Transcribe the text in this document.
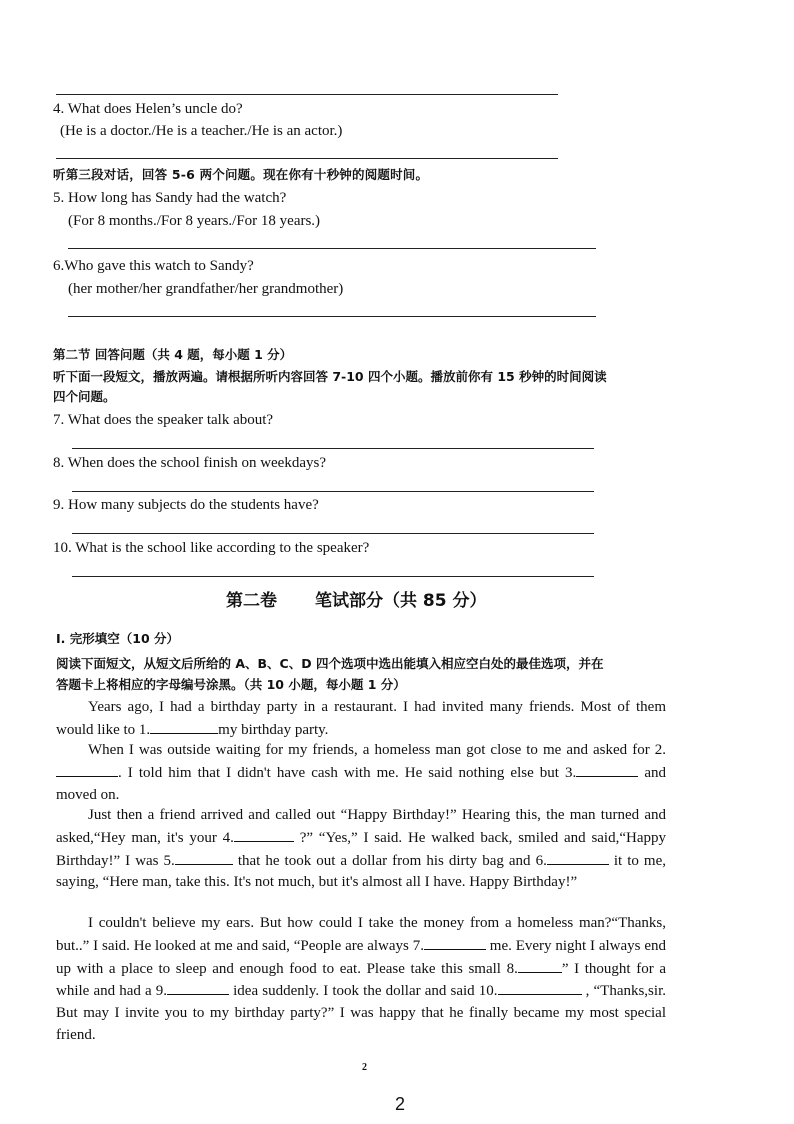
4. What does Helen’s uncle do?
(He is a doctor./He is a teacher./He is an actor.)
听第三段对话，回答 5-6 两个问题。现在你有十秒钟的阅题时间。
5. How long has Sandy had the watch?
(For 8 months./For 8 years./For 18 years.)
6.Who gave this watch to Sandy?
(her mother/her grandfather/her grandmother)
第二节 回答问题（共 4 题，每小题 1 分）
听下面一段短文，播放两遍。请根据所听内容回答 7-10 四个小题。播放前你有 15 秒钟的时间阅读
四个问题。
7. What does the speaker talk about?
8. When does the school finish on weekdays?
9. How many subjects do the students have?
10. What is the school like according to the speaker?
第二卷 笔试部分（共 85 分）
I. 完形填空（10 分）
阅读下面短文，从短文后所给的 A、B、C、D 四个选项中选出能填入相应空白处的最佳选项，并在
答题卡上将相应的字母编号涂黑。（共 10 小题，每小题 1 分）
Years ago, I had a birthday party in a restaurant. I had invited many friends. Most of them would like to 1.	my birthday party.
When I was outside waiting for my friends, a homeless man got close to me and asked for 2.. I told him that I didn't have cash with me. He said nothing else but 3.	and moved on.
Just then a friend arrived and called out “Happy Birthday!” Hearing this, the man turned and asked,“Hey man, it's your 4.	?” “Yes,” I said. He walked back, smiled and said,“Happy Birthday!” I was 5.	that he took out a dollar from his dirty bag and 6.	it to me, saying, “Here man, take this. It's not much, but it's almost all I have. Happy Birthday!”
I couldn't believe my ears. But how could I take the money from a homeless man?“Thanks, but..” I said. He looked at me and said, “People are always 7.	me. Every night I always end up with a place to sleep and enough food to eat. Please take this small 8.	” I thought for a while and had a 9.	idea suddenly. I took the dollar and said 10.	, “Thanks,sir. But may I invite you to my birthday party?” I was happy that he finally became my most special friend.
2
2
